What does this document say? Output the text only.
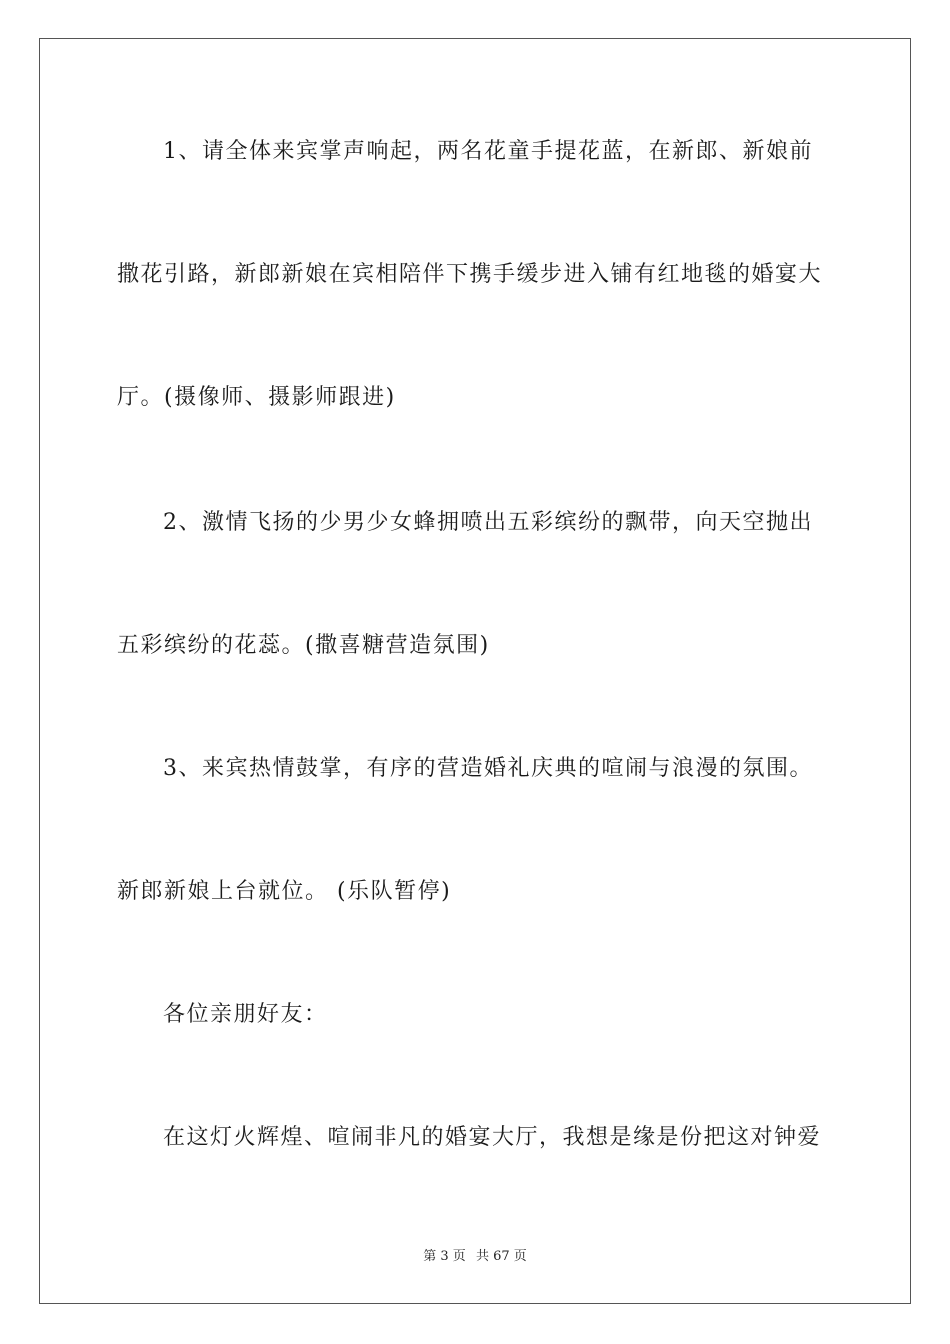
1、请全体来宾掌声响起，两名花童手提花蓝，在新郎、新娘前
撒花引路，新郎新娘在宾相陪伴下携手缓步进入铺有红地毯的婚宴大
厅。(摄像师、摄影师跟进)
2、激情飞扬的少男少女蜂拥喷出五彩缤纷的飘带，向天空抛出
五彩缤纷的花蕊。(撒喜糖营造氛围)
3、来宾热情鼓掌，有序的营造婚礼庆典的喧闹与浪漫的氛围。
新郎新娘上台就位。 (乐队暂停)
各位亲朋好友：
在这灯火辉煌、喧闹非凡的婚宴大厅，我想是缘是份把这对钟爱
第 3 页 共 67 页
